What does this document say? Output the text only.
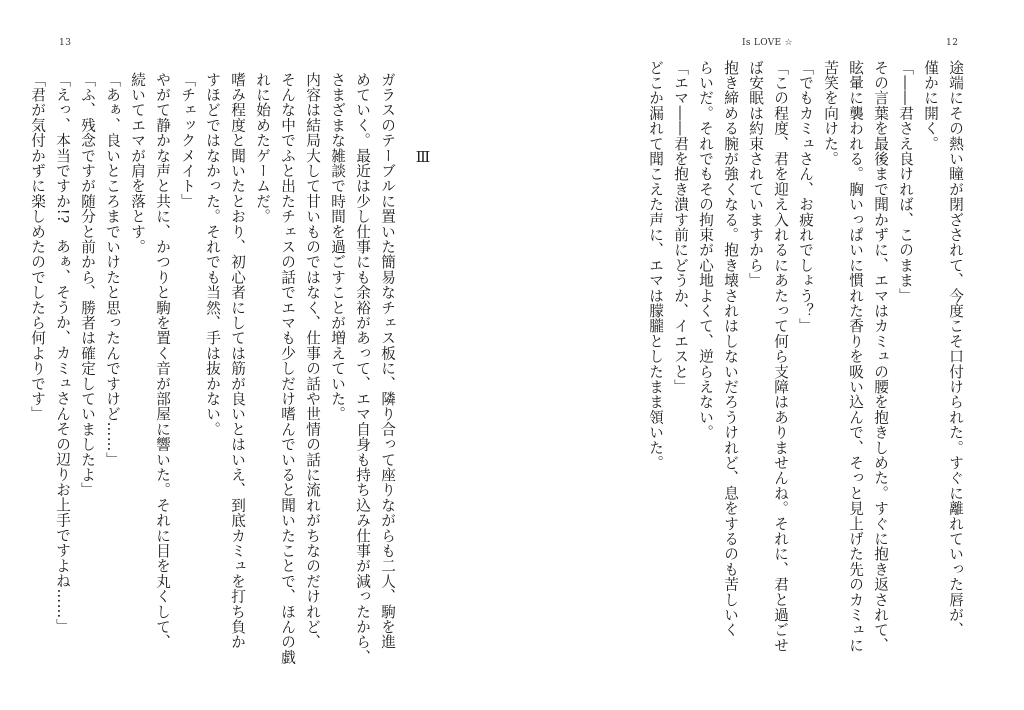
13
Ⅲ
Is LOVE ☆	12
途端にその熱い瞳が閉ざされて、今度こそ口付けられた。すぐに離れていった唇が、
僅かに開く。
「――君さえ良ければ、このまま」
その言葉を最後まで聞かずに、エマはカミュの腰を抱きしめた。すぐに抱き返されて、
眩暈に襲われる。胸いっぱいに慣れた香りを吸い込んで、そっと見上げた先のカミュに
苦笑を向けた。
「でもカミュさん、お疲れでしょう？」
「この程度、君を迎え入れるにあたって何ら支障はありませんね。それに、君と過ごせ
ば安眠は約束されていますから」
抱き締める腕が強くなる。抱き壊されはしないだろうけれど、息をするのも苦しいく
らいだ。それでもその拘束が心地よくて、逆らえない。
「エマ――君を抱き潰す前にどうか、イエスと」
どこか漏れて聞こえた声に、エマは朦朧としたまま領いた。
ガラスのテーブルに置いた簡易なチェス板に、隣り合って座りながらも二人、駒を進
めていく。最近は少し仕事にも余裕があって、エマ自身も持ち込み仕事が減ったから、
さまざまな雑談で時間を過ごすことが増えていた。
内容は結局大して甘いものではなく、仕事の話や世情の話に流れがちなのだけれど、
そんな中でふと出たチェスの話でエマも少しだけ嗜んでいると聞いたことで、ほんの戯
れに始めたゲームだ。
嗜み程度と聞いたとおり、初心者にしては筋が良いとはいえ、到底カミュを打ち負か
すほどではなかった。それでも当然、手は抜かない。
「チェックメイト」
やがて静かな声と共に、かつりと駒を置く音が部屋に響いた。それに目を丸くして、
続いてエマが肩を落とす。
「あぁ、良いところまでいけたと思ったんですけど……」
「ふ、残念ですが随分と前から、勝者は確定していましたよ」
「えっ、本当ですか!?　あぁ、そうか、カミュさんその辺りお上手ですよね……」
「君が気付かずに楽しめたのでしたら何よりです」
